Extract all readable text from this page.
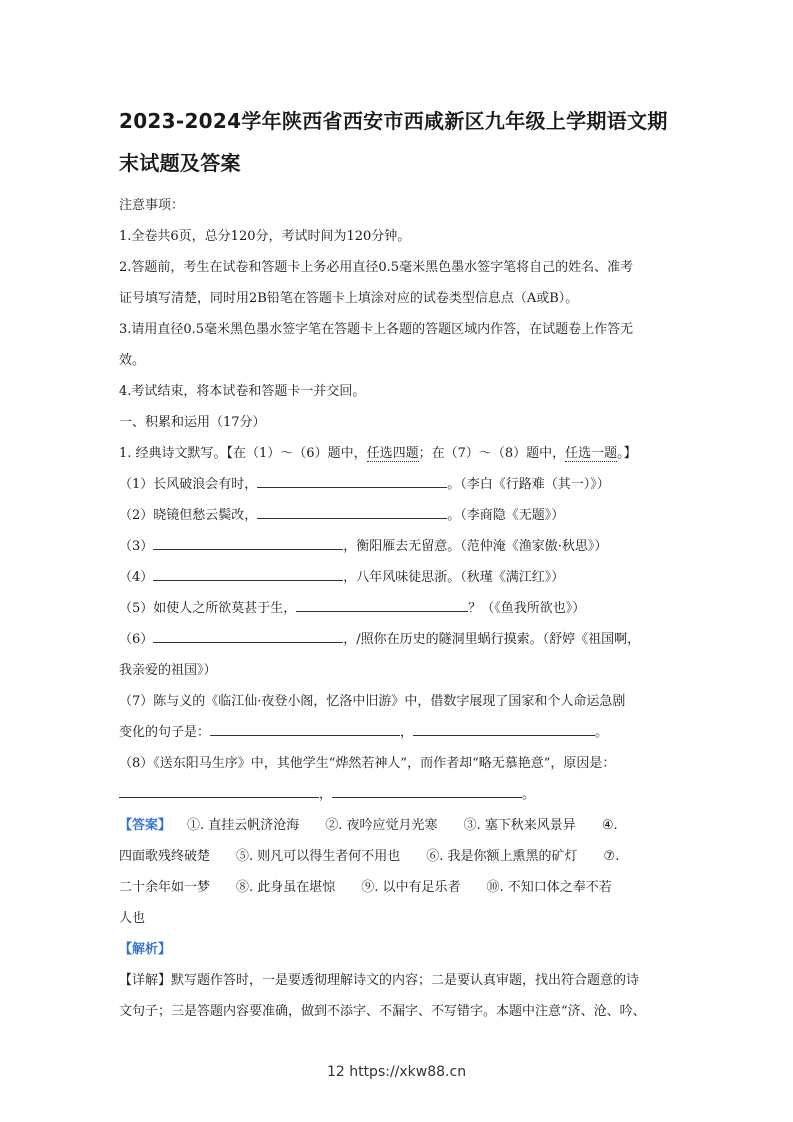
2023-2024学年陕西省西安市西咸新区九年级上学期语文期
末试题及答案

注意事项：

1.全卷共6页，总分120分，考试时间为120分钟。

2.答题前，考生在试卷和答题卡上务必用直径0.5毫米黑色墨水签字笔将自己的姓名、准考

证号填写清楚，同时用2B铅笔在答题卡上填涂对应的试卷类型信息点（A或B）。

3.请用直径0.5毫米黑色墨水签字笔在答题卡上各题的答题区域内作答，在试题卷上作答无

效。

4.考试结束，将本试卷和答题卡一并交回。

一、积累和运用（17分）

1. 经典诗文默写。【在（1）～（6）题中，任选四题；在（7）～（8）题中，任选一题。】

（1）长风破浪会有时，	。（李白《行路难（其一）》）

（2）晓镜但愁云鬓改，	。（李商隐《无题》）

（3）	，衡阳雁去无留意。（范仲淹《渔家傲·秋思》）

（4）	，八年风味徒思浙。（秋瑾《满江红》）

（5）如使人之所欲莫甚于生，	？（《鱼我所欲也》）

（6）	，/照你在历史的隧洞里蜗行摸索。（舒婷《祖国啊，

我亲爱的祖国》）

（7）陈与义的《临江仙·夜登小阁，忆洛中旧游》中，借数字展现了国家和个人命运急剧

变化的句子是：	，	。

（8）《送东阳马生序》中，其他学生“烨然若神人”，而作者却“略无慕艳意”，原因是：

，	。

【答案】 ①. 直挂云帆济沧海 ②. 夜吟应觉月光寒 ③. 塞下秋来风景异 ④.

四面歌残终破楚 ⑤. 则凡可以得生者何不用也 ⑥. 我是你额上熏黑的矿灯 ⑦.

二十余年如一梦 ⑧. 此身虽在堪惊 ⑨. 以中有足乐者 ⑩. 不知口体之奉不若

人也

【解析】

【详解】默写题作答时，一是要透彻理解诗文的内容；二是要认真审题，找出符合题意的诗

文句子；三是答题内容要准确，做到不添字、不漏字、不写错字。本题中注意“济、沧、吟、

12 https://xkw88.cn
